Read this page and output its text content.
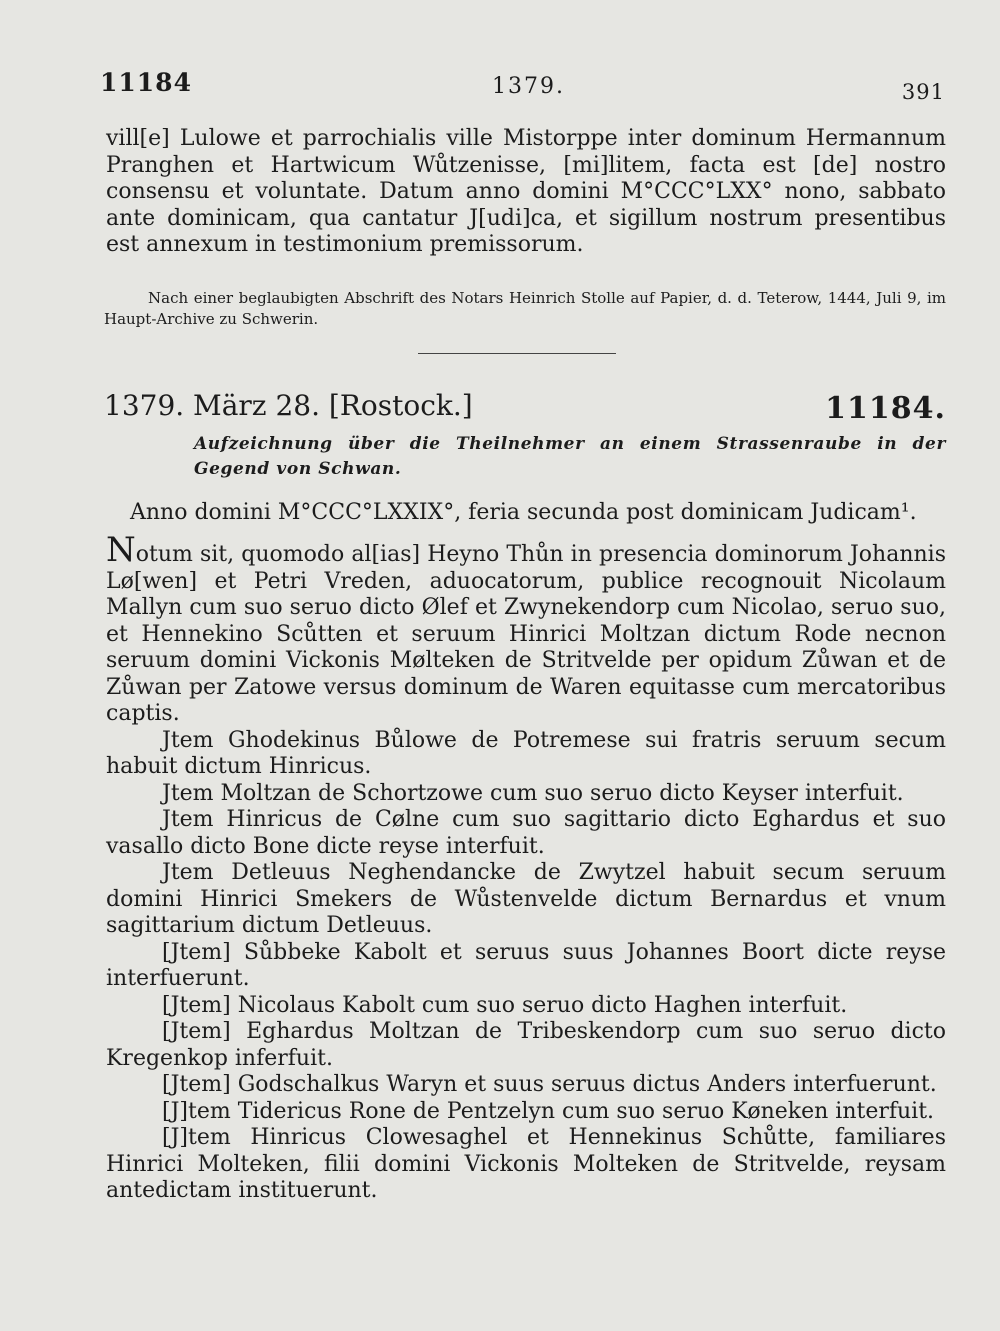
11184	1379.	391
vill[e] Lulowe et parrochialis ville Mistorppe inter dominum Hermannum Pranghen et Hartwicum Wůtzenisse, [mi]litem, facta est [de] nostro consensu et voluntate. Datum anno domini M°CCC°LXX° nono, sabbato ante dominicam, qua cantatur J[udi]ca, et sigillum nostrum presentibus est annexum in testimonium premissorum.
Nach einer beglaubigten Abschrift des Notars Heinrich Stolle auf Papier, d. d. Teterow, 1444, Juli 9, im Haupt-Archive zu Schwerin.
1379. März 28. [Rostock.]	11184.
Aufzeichnung über die Theilnehmer an einem Strassenraube in der Gegend von Schwan.
Anno domini M°CCC°LXXIX°, feria secunda post dominicam Judicam¹.

Notum sit, quomodo al[ias] Heyno Thůn in presencia dominorum Johannis Lø[wen] et Petri Vreden, aduocatorum, publice recognouit Nicolaum Mallyn cum suo seruo dicto Ølef et Zwynekendorp cum Nicolao, seruo suo, et Hennekino Scůtten et seruum Hinrici Moltzan dictum Rode necnon seruum domini Vickonis Mølteken de Stritvelde per opidum Zůwan et de Zůwan per Zatowe versus dominum de Waren equitasse cum mercatoribus captis.

Jtem Ghodekinus Bůlowe de Potremese sui fratris seruum secum habuit dictum Hinricus.

Jtem Moltzan de Schortzowe cum suo seruo dicto Keyser interfuit.

Jtem Hinricus de Cølne cum suo sagittario dicto Eghardus et suo vasallo dicto Bone dicte reyse interfuit.

Jtem Detleuus Neghendancke de Zwytzel habuit secum seruum domini Hinrici Smekers de Wůstenvelde dictum Bernardus et vnum sagittarium dictum Detleuus.

[Jtem] Sůbbeke Kabolt et seruus suus Johannes Boort dicte reyse interfuerunt.

[Jtem] Nicolaus Kabolt cum suo seruo dicto Haghen interfuit.

[Jtem] Eghardus Moltzan de Tribeskendorp cum suo seruo dicto Kregenkop inferfuit.

[Jtem] Godschalkus Waryn et suus seruus dictus Anders interfuerunt.

[J]tem Tidericus Rone de Pentzelyn cum suo seruo Køneken interfuit.

[J]tem Hinricus Clowesaghel et Hennekinus Schůtte, familiares Hinrici Molteken, filii domini Vickonis Molteken de Stritvelde, reysam antedictam instituerunt.
